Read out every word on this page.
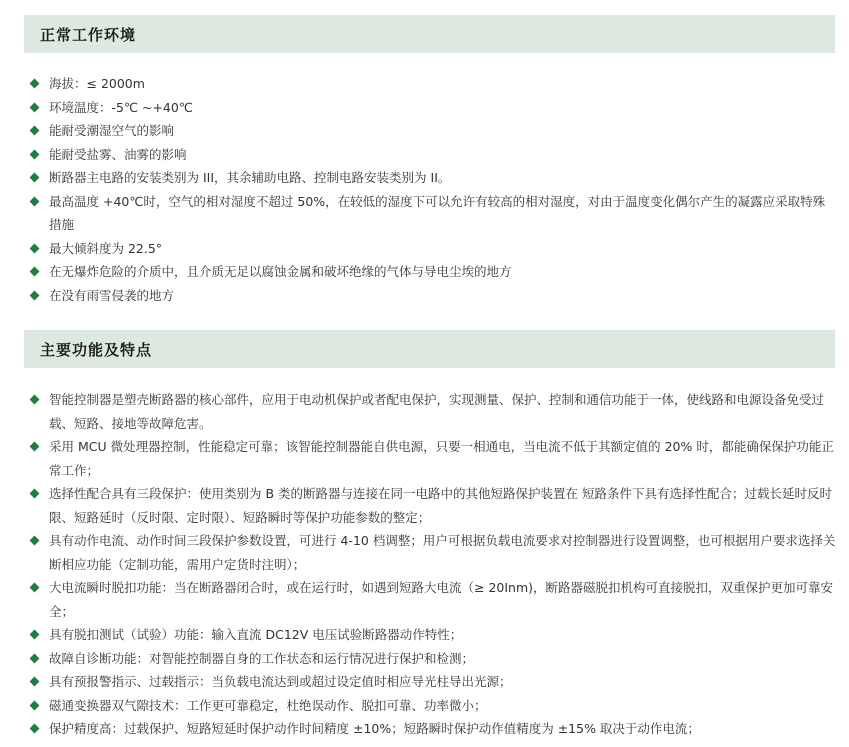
正常工作环境
海拔：≤ 2000m
环境温度：-5℃ ~+40℃
能耐受潮湿空气的影响
能耐受盐雾、油雾的影响
断路器主电路的安装类别为 III，其余辅助电路、控制电路安装类别为 II。
最高温度 +40℃时，空气的相对湿度不超过 50%，在较低的湿度下可以允许有较高的相对湿度，对由于温度变化偶尔产生的凝露应采取特殊措施
最大倾斜度为 22.5°
在无爆炸危险的介质中，且介质无足以腐蚀金属和破坏绝缘的气体与导电尘埃的地方
在没有雨雪侵袭的地方
主要功能及特点
智能控制器是塑壳断路器的核心部件，应用于电动机保护或者配电保护，实现测量、保护、控制和通信功能于一体，使线路和电源设备免受过载、短路、接地等故障危害。
采用 MCU 微处理器控制，性能稳定可靠；该智能控制器能自供电源，只要一相通电，当电流不低于其额定值的 20% 时，都能确保保护功能正常工作；
选择性配合具有三段保护：使用类别为 B 类的断路器与连接在同一电路中的其他短路保护装置在 短路条件下具有选择性配合；过载长延时反时限、短路延时（反时限、定时限）、短路瞬时等保护功能参数的整定；
具有动作电流、动作时间三段保护参数设置，可进行 4-10 档调整；用户可根据负载电流要求对控制器进行设置调整，也可根据用户要求选择关断相应功能（定制功能，需用户定货时注明）；
大电流瞬时脱扣功能：当在断路器闭合时，或在运行时，如遇到短路大电流（≥ 20Inm)，断路器磁脱扣机构可直接脱扣，双重保护更加可靠安全；
具有脱扣测试（试验）功能：输入直流 DC12V 电压试验断路器动作特性；
故障自诊断功能：对智能控制器自身的工作状态和运行情况进行保护和检测；
具有预报警指示、过载指示：当负载电流达到或超过设定值时相应导光柱导出光源；
磁通变换器双气隙技术：工作更可靠稳定，杜绝误动作、脱扣可靠、功率微小；
保护精度高：过载保护、短路短延时保护动作时间精度 ±10%；短路瞬时保护动作值精度为 ±15% 取决于动作电流；
